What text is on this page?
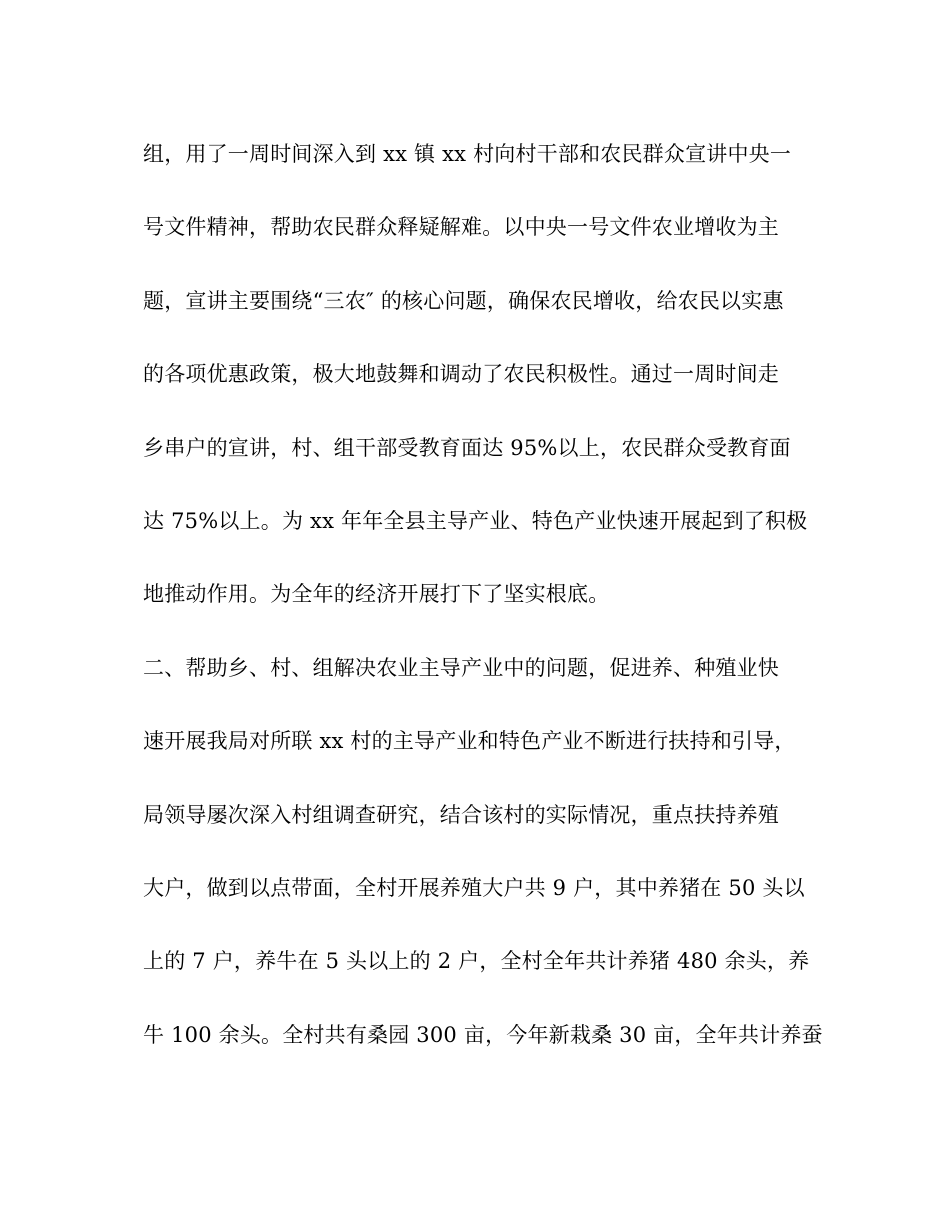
组，用了一周时间深入到 xx 镇 xx 村向村干部和农民群众宣讲中央一
号文件精神，帮助农民群众释疑解难。以中央一号文件农业增收为主
题，宣讲主要围绕“三农″ 的核心问题，确保农民增收，给农民以实惠
的各项优惠政策，极大地鼓舞和调动了农民积极性。通过一周时间走
乡串户的宣讲，村、组干部受教育面达 95%以上，农民群众受教育面
达 75%以上。为 xx 年年全县主导产业、特色产业快速开展起到了积极
地推动作用。为全年的经济开展打下了坚实根底。
二、帮助乡、村、组解决农业主导产业中的问题，促进养、种殖业快
速开展我局对所联 xx 村的主导产业和特色产业不断进行扶持和引导，
局领导屡次深入村组调查研究，结合该村的实际情况，重点扶持养殖
大户，做到以点带面，全村开展养殖大户共 9 户，其中养猪在 50 头以
上的 7 户，养牛在 5 头以上的 2 户，全村全年共计养猪 480 余头，养
牛 100 余头。全村共有桑园 300 亩，今年新栽桑 30 亩，全年共计养蚕
